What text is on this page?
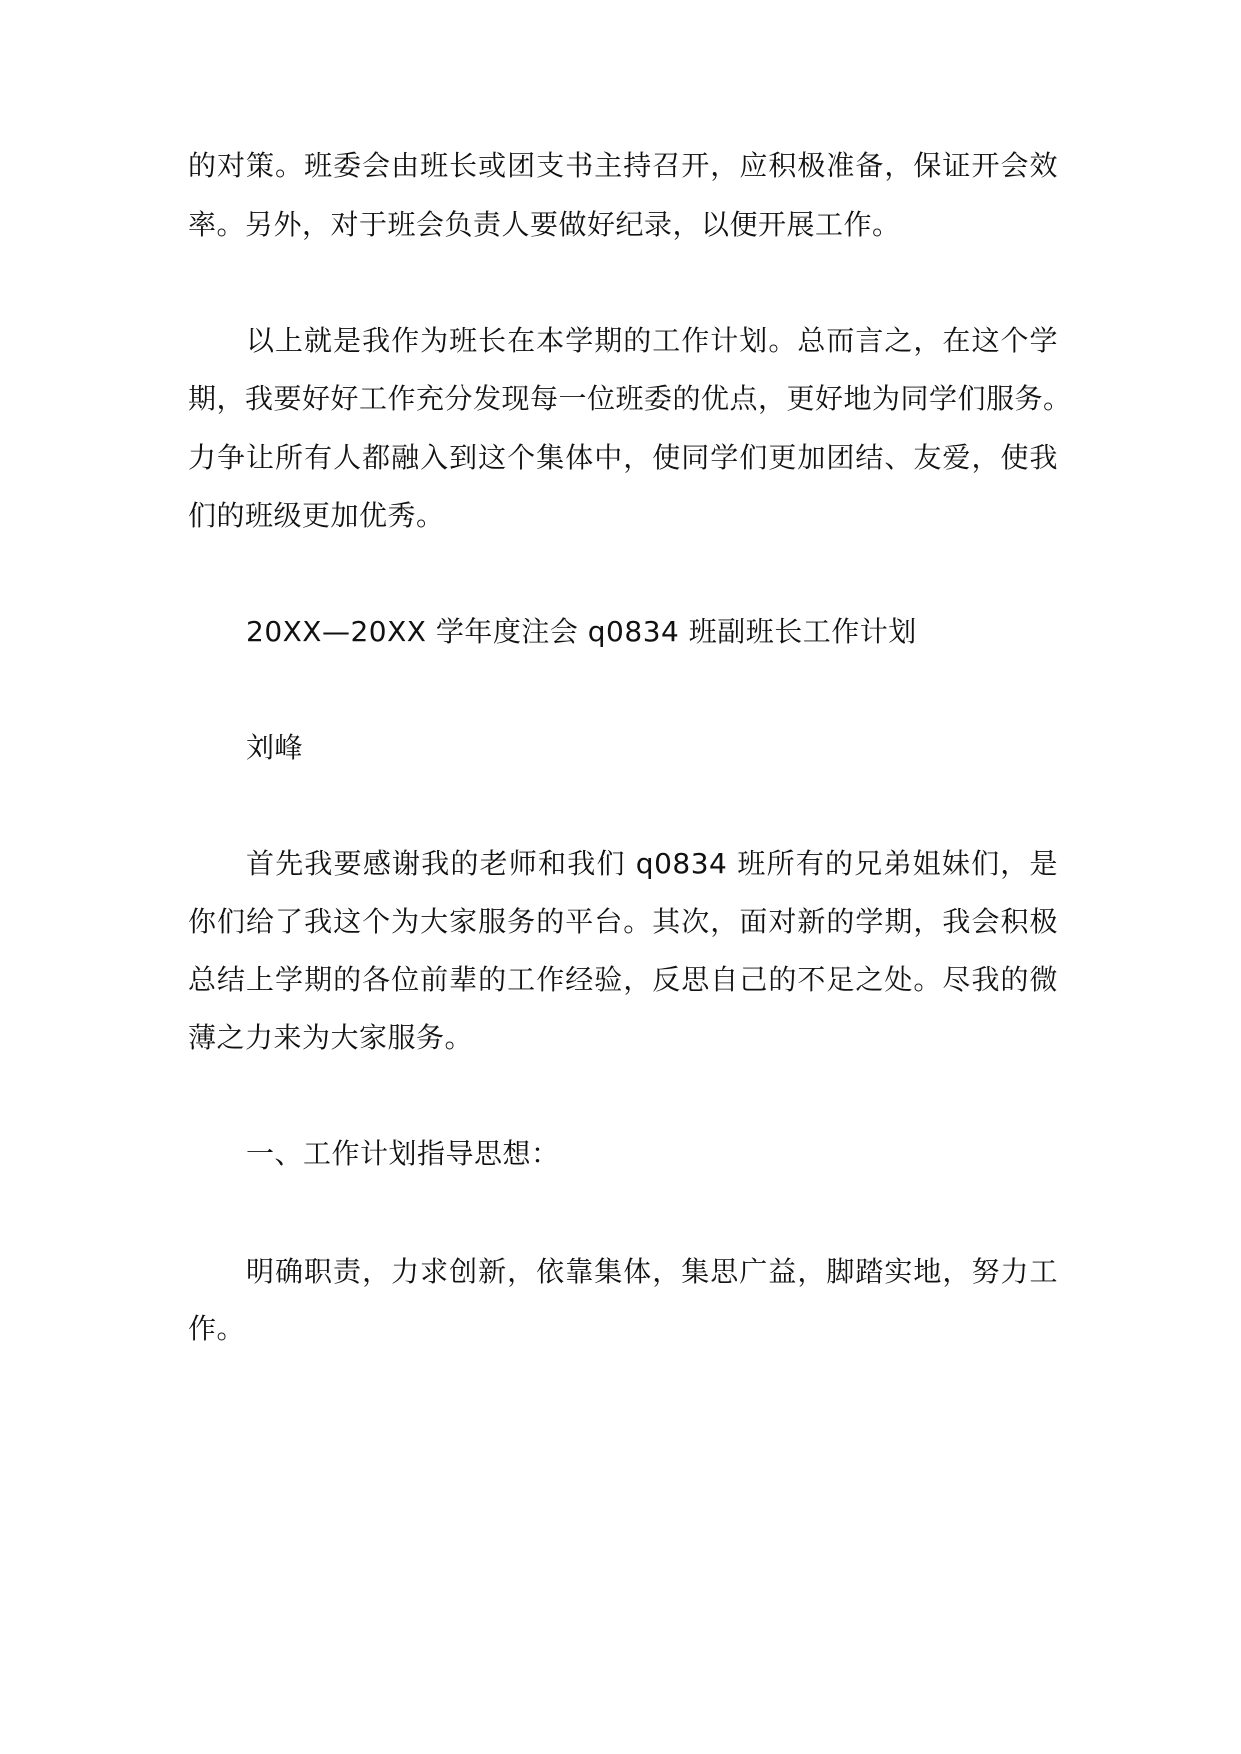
的对策。班委会由班长或团支书主持召开，应积极准备，保证开会效
率。另外，对于班会负责人要做好纪录，以便开展工作。
以上就是我作为班长在本学期的工作计划。总而言之，在这个学
期，我要好好工作充分发现每一位班委的优点，更好地为同学们服务。
力争让所有人都融入到这个集体中，使同学们更加团结、友爱，使我
们的班级更加优秀。
20XX—20XX 学年度注会 q0834 班副班长工作计划
刘峰
首先我要感谢我的老师和我们 q0834 班所有的兄弟姐妹们，是
你们给了我这个为大家服务的平台。其次，面对新的学期，我会积极
总结上学期的各位前辈的工作经验，反思自己的不足之处。尽我的微
薄之力来为大家服务。
一、工作计划指导思想：
明确职责，力求创新，依靠集体，集思广益，脚踏实地，努力工
作。
